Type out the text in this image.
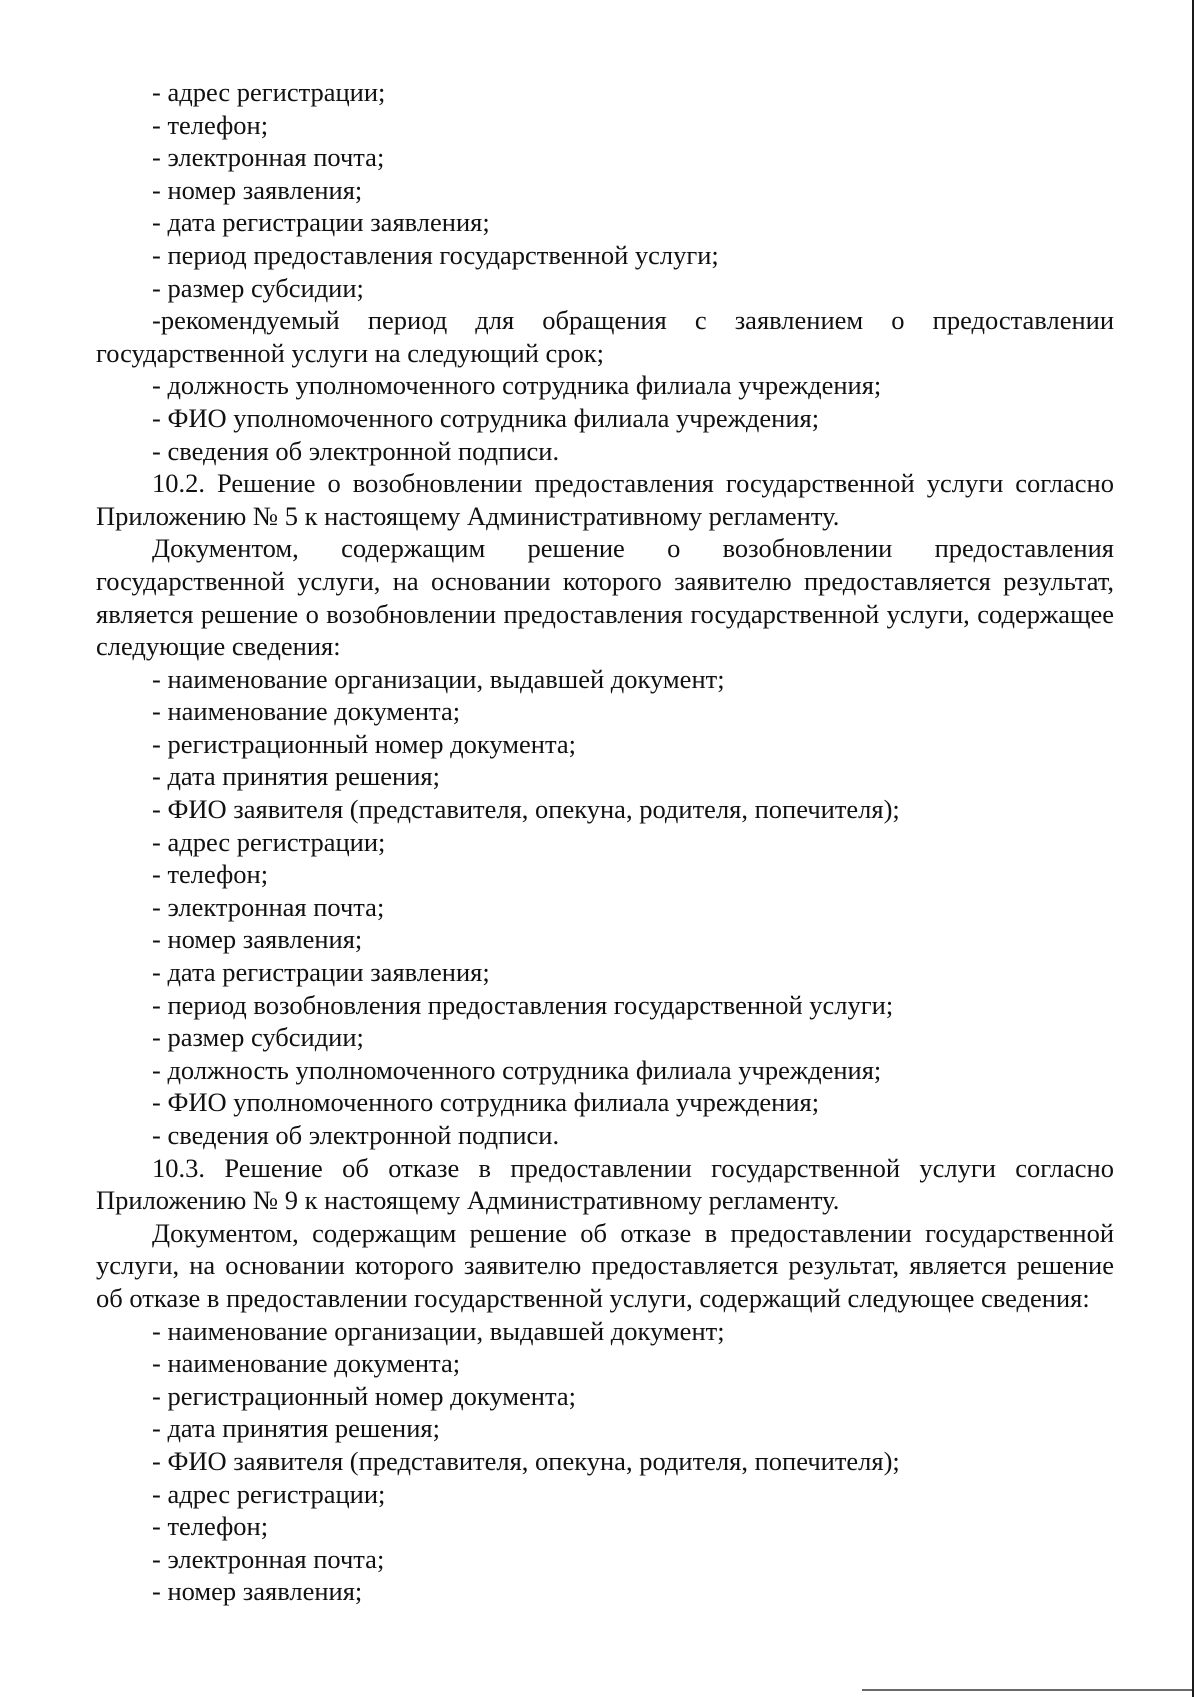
- адрес регистрации;

- телефон;

- электронная почта;

- номер заявления;

- дата регистрации заявления;

- период предоставления государственной услуги;

- размер субсидии;

-рекомендуемый период для обращения с заявлением о предоставлении государственной услуги на следующий срок;

- должность уполномоченного сотрудника филиала учреждения;

- ФИО уполномоченного сотрудника филиала учреждения;

- сведения об электронной подписи.

10.2. Решение о возобновлении предоставления государственной услуги согласно Приложению № 5 к настоящему Административному регламенту.

Документом, содержащим решение о возобновлении предоставления государственной услуги, на основании которого заявителю предоставляется результат, является решение о возобновлении предоставления государственной услуги, содержащее следующие сведения:

- наименование организации, выдавшей документ;

- наименование документа;

- регистрационный номер документа;

- дата принятия решения;

- ФИО заявителя (представителя, опекуна, родителя, попечителя);

- адрес регистрации;

- телефон;

- электронная почта;

- номер заявления;

- дата регистрации заявления;

- период возобновления предоставления государственной услуги;

- размер субсидии;

- должность уполномоченного сотрудника филиала учреждения;

- ФИО уполномоченного сотрудника филиала учреждения;

- сведения об электронной подписи.

10.3. Решение об отказе в предоставлении государственной услуги согласно Приложению № 9 к настоящему Административному регламенту.

Документом, содержащим решение об отказе в предоставлении государственной услуги, на основании которого заявителю предоставляется результат, является решение об отказе в предоставлении государственной услуги, содержащий следующее сведения:

- наименование организации, выдавшей документ;

- наименование документа;

- регистрационный номер документа;

- дата принятия решения;

- ФИО заявителя (представителя, опекуна, родителя, попечителя);

- адрес регистрации;

- телефон;

- электронная почта;

- номер заявления;
